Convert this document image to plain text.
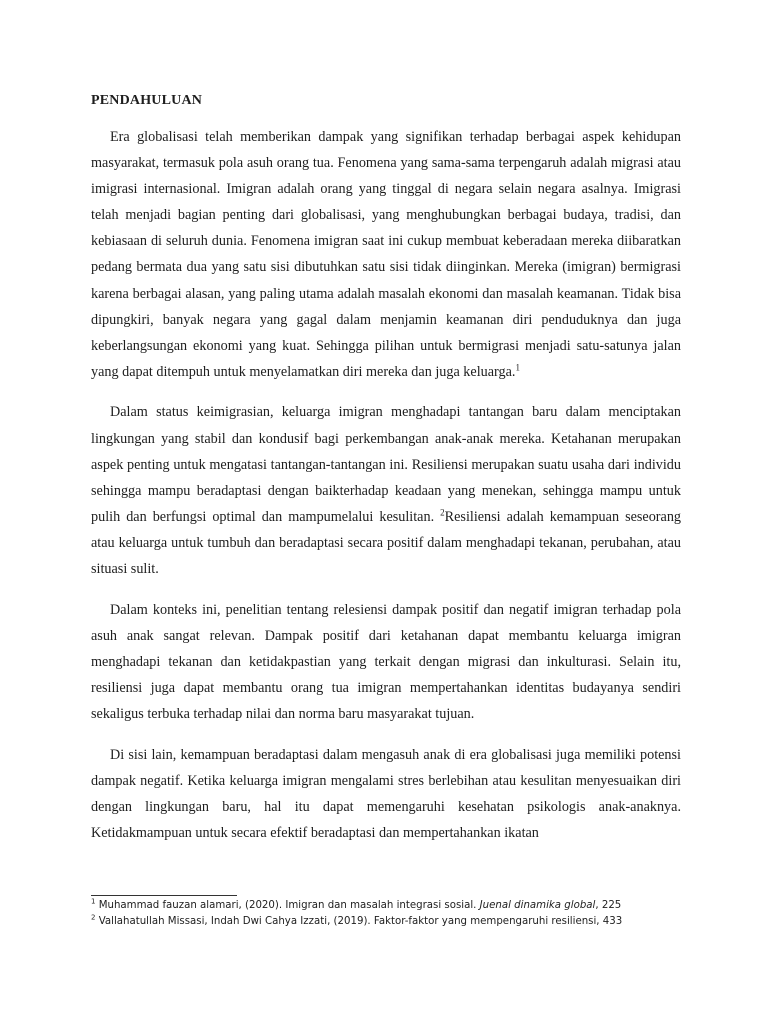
PENDAHULUAN

Era globalisasi telah memberikan dampak yang signifikan terhadap berbagai aspek kehidupan masyarakat, termasuk pola asuh orang tua. Fenomena yang sama-sama terpengaruh adalah migrasi atau imigrasi internasional. Imigran adalah orang yang tinggal di negara selain negara asalnya. Imigrasi telah menjadi bagian penting dari globalisasi, yang menghubungkan berbagai budaya, tradisi, dan kebiasaan di seluruh dunia. Fenomena imigran saat ini cukup membuat keberadaan mereka diibaratkan pedang bermata dua yang satu sisi dibutuhkan satu sisi tidak diinginkan. Mereka (imigran) bermigrasi karena berbagai alasan, yang paling utama adalah masalah ekonomi dan masalah keamanan. Tidak bisa dipungkiri, banyak negara yang gagal dalam menjamin keamanan diri penduduknya dan juga keberlangsungan ekonomi yang kuat. Sehingga pilihan untuk bermigrasi menjadi satu-satunya jalan yang dapat ditempuh untuk menyelamatkan diri mereka dan juga keluarga.$^1$

Dalam status keimigrasian, keluarga imigran menghadapi tantangan baru dalam menciptakan lingkungan yang stabil dan kondusif bagi perkembangan anak-anak mereka. Ketahanan merupakan aspek penting untuk mengatasi tantangan-tantangan ini. Resiliensi merupakan suatu usaha dari individu sehingga mampu beradaptasi dengan baikterhadap keadaan yang menekan, sehingga mampu untuk pulih dan berfungsi optimal dan mampumelalui kesulitan. $^2$Resiliensi adalah kemampuan seseorang atau keluarga untuk tumbuh dan beradaptasi secara positif dalam menghadapi tekanan, perubahan, atau situasi sulit.

Dalam konteks ini, penelitian tentang relesiensi dampak positif dan negatif imigran terhadap pola asuh anak sangat relevan. Dampak positif dari ketahanan dapat membantu keluarga imigran menghadapi tekanan dan ketidakpastian yang terkait dengan migrasi dan inkulturasi. Selain itu, resiliensi juga dapat membantu orang tua imigran mempertahankan identitas budayanya sendiri sekaligus terbuka terhadap nilai dan norma baru masyarakat tujuan.

Di sisi lain, kemampuan beradaptasi dalam mengasuh anak di era globalisasi juga memiliki potensi dampak negatif. Ketika keluarga imigran mengalami stres berlebihan atau kesulitan menyesuaikan diri dengan lingkungan baru, hal itu dapat memengaruhi kesehatan psikologis anak-anaknya. Ketidakmampuan untuk secara efektif beradaptasi dan mempertahankan ikatan

$^1$ Muhammad fauzan alamari, (2020). Imigran dan masalah integrasi sosial. Juenal dinamika global, 225

$^2$ Vallahatullah Missasi, Indah Dwi Cahya Izzati, (2019). Faktor-faktor yang mempengaruhi resiliensi, 433
